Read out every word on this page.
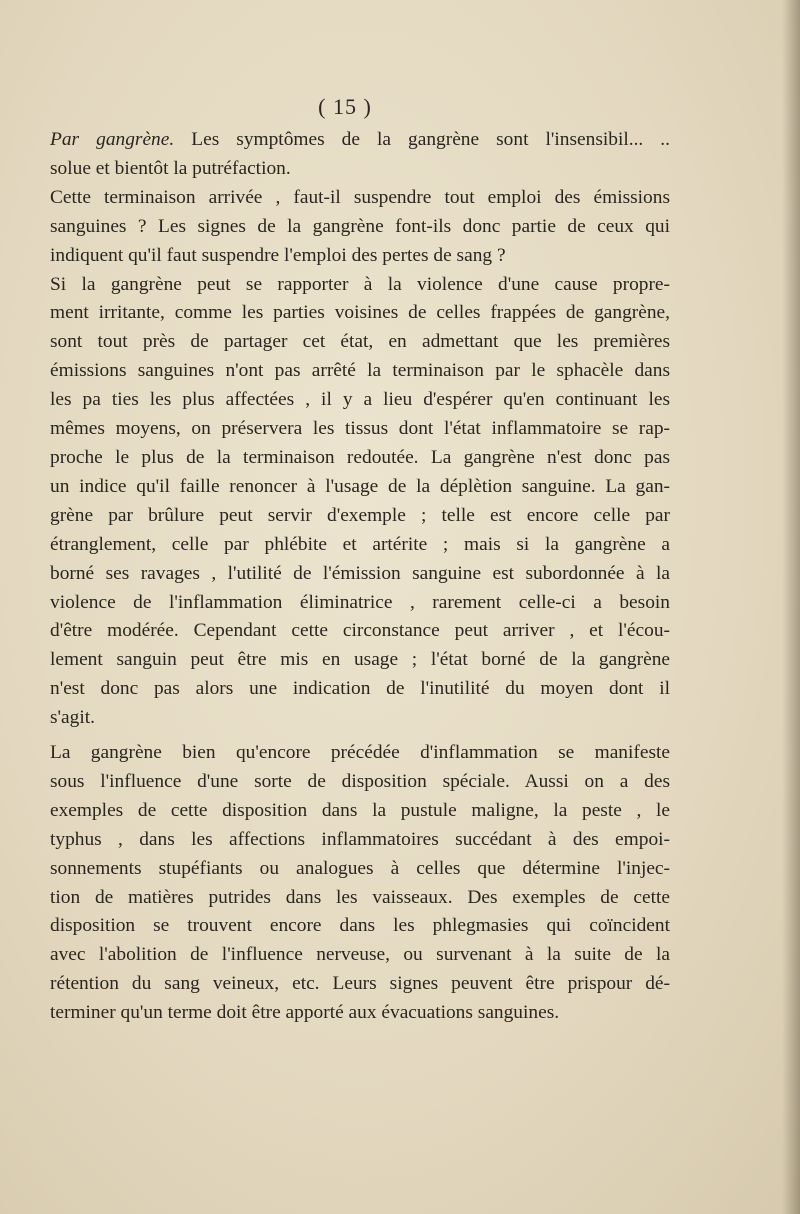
( 15 )
Par gangrène. Les symptômes de la gangrène sont l'insensibil... ..
solue et bientôt la putréfaction.
Cette terminaison arrivée , faut-il suspendre tout emploi des émissions
sanguines ? Les signes de la gangrène font-ils donc partie de ceux qui
indiquent qu'il faut suspendre l'emploi des pertes de sang ?
Si la gangrène peut se rapporter à la violence d'une cause propre-
ment irritante, comme les parties voisines de celles frappées de gangrène,
sont tout près de partager cet état, en admettant que les premières
émissions sanguines n'ont pas arrêté la terminaison par le sphacèle dans
les pa ties les plus affectées , il y a lieu d'espérer qu'en continuant les
mêmes moyens, on préservera les tissus dont l'état inflammatoire se rap-
proche le plus de la terminaison redoutée. La gangrène n'est donc pas
un indice qu'il faille renoncer à l'usage de la déplètion sanguine. La gan-
grène par brûlure peut servir d'exemple ; telle est encore celle par
étranglement, celle par phlébite et artérite ; mais si la gangrène a
borné ses ravages , l'utilité de l'émission sanguine est subordonnée à la
violence de l'inflammation éliminatrice , rarement celle-ci a besoin
d'être modérée. Cependant cette circonstance peut arriver , et l'écou-
lement sanguin peut être mis en usage ; l'état borné de la gangrène
n'est donc pas alors une indication de l'inutilité du moyen dont il
s'agit.
La gangrène bien qu'encore précédée d'inflammation se manifeste
sous l'influence d'une sorte de disposition spéciale. Aussi on a des
exemples de cette disposition dans la pustule maligne, la peste , le
typhus , dans les affections inflammatoires succédant à des empoi-
sonnements stupéfiants ou analogues à celles que détermine l'injec-
tion de matières putrides dans les vaisseaux. Des exemples de cette
disposition se trouvent encore dans les phlegmasies qui coïncident
avec l'abolition de l'influence nerveuse, ou survenant à la suite de la
rétention du sang veineux, etc. Leurs signes peuvent être prispour dé-
terminer qu'un terme doit être apporté aux évacuations sanguines.
